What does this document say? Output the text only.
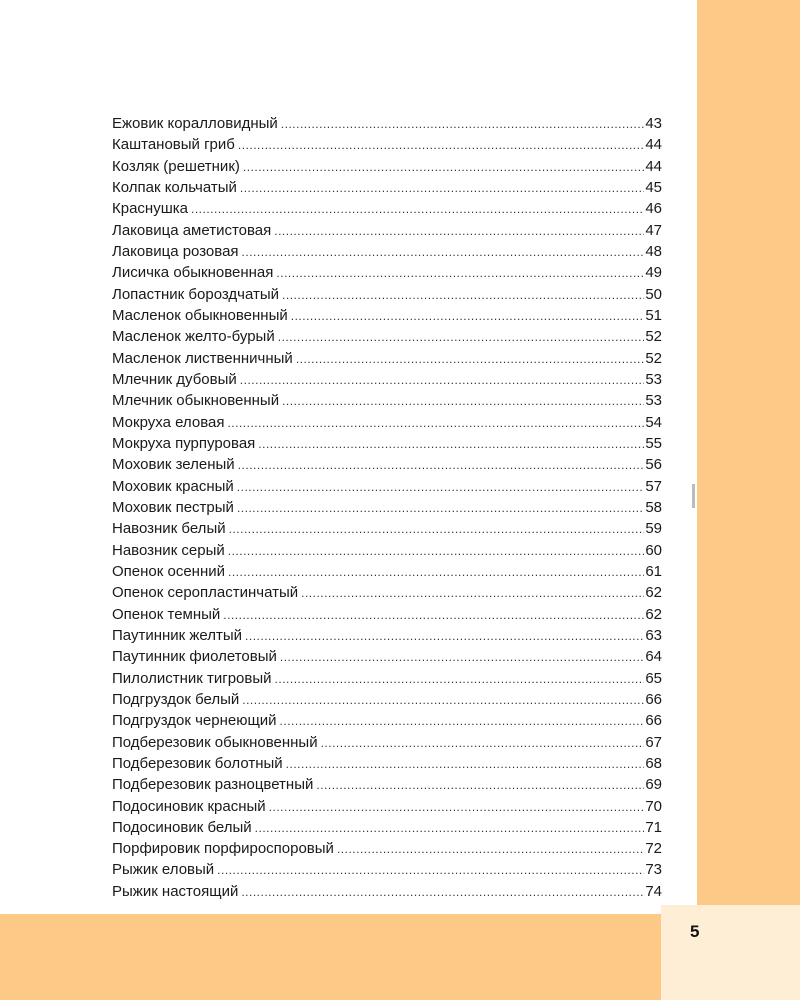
5
Ежовик коралловидный .....	43
Каштановый гриб .....	44
Козляк (решетник) .....	44
Колпак кольчатый .....	45
Краснушка .....	46
Лаковица аметистовая .....	47
Лаковица розовая .....	48
Лисичка обыкновенная .....	49
Лопастник бороздчатый .....	50
Масленок обыкновенный .....	51
Масленок желто-бурый .....	52
Масленок лиственничный .....	52
Млечник дубовый .....	53
Млечник обыкновенный .....	53
Мокруха еловая .....	54
Мокруха пурпуровая .....	55
Моховик зеленый .....	56
Моховик красный .....	57
Моховик пестрый .....	58
Навозник белый .....	59
Навозник серый .....	60
Опенок осенний .....	61
Опенок серопластинчатый .....	62
Опенок темный .....	62
Паутинник желтый .....	63
Паутинник фиолетовый .....	64
Пилолистник тигровый .....	65
Подгруздок белый .....	66
Подгруздок чернеющий .....	66
Подберезовик обыкновенный .....	67
Подберезовик болотный .....	68
Подберезовик разноцветный .....	69
Подосиновик красный .....	70
Подосиновик белый .....	71
Порфировик порфироспоровый .....	72
Рыжик еловый .....	73
Рыжик настоящий .....	74
